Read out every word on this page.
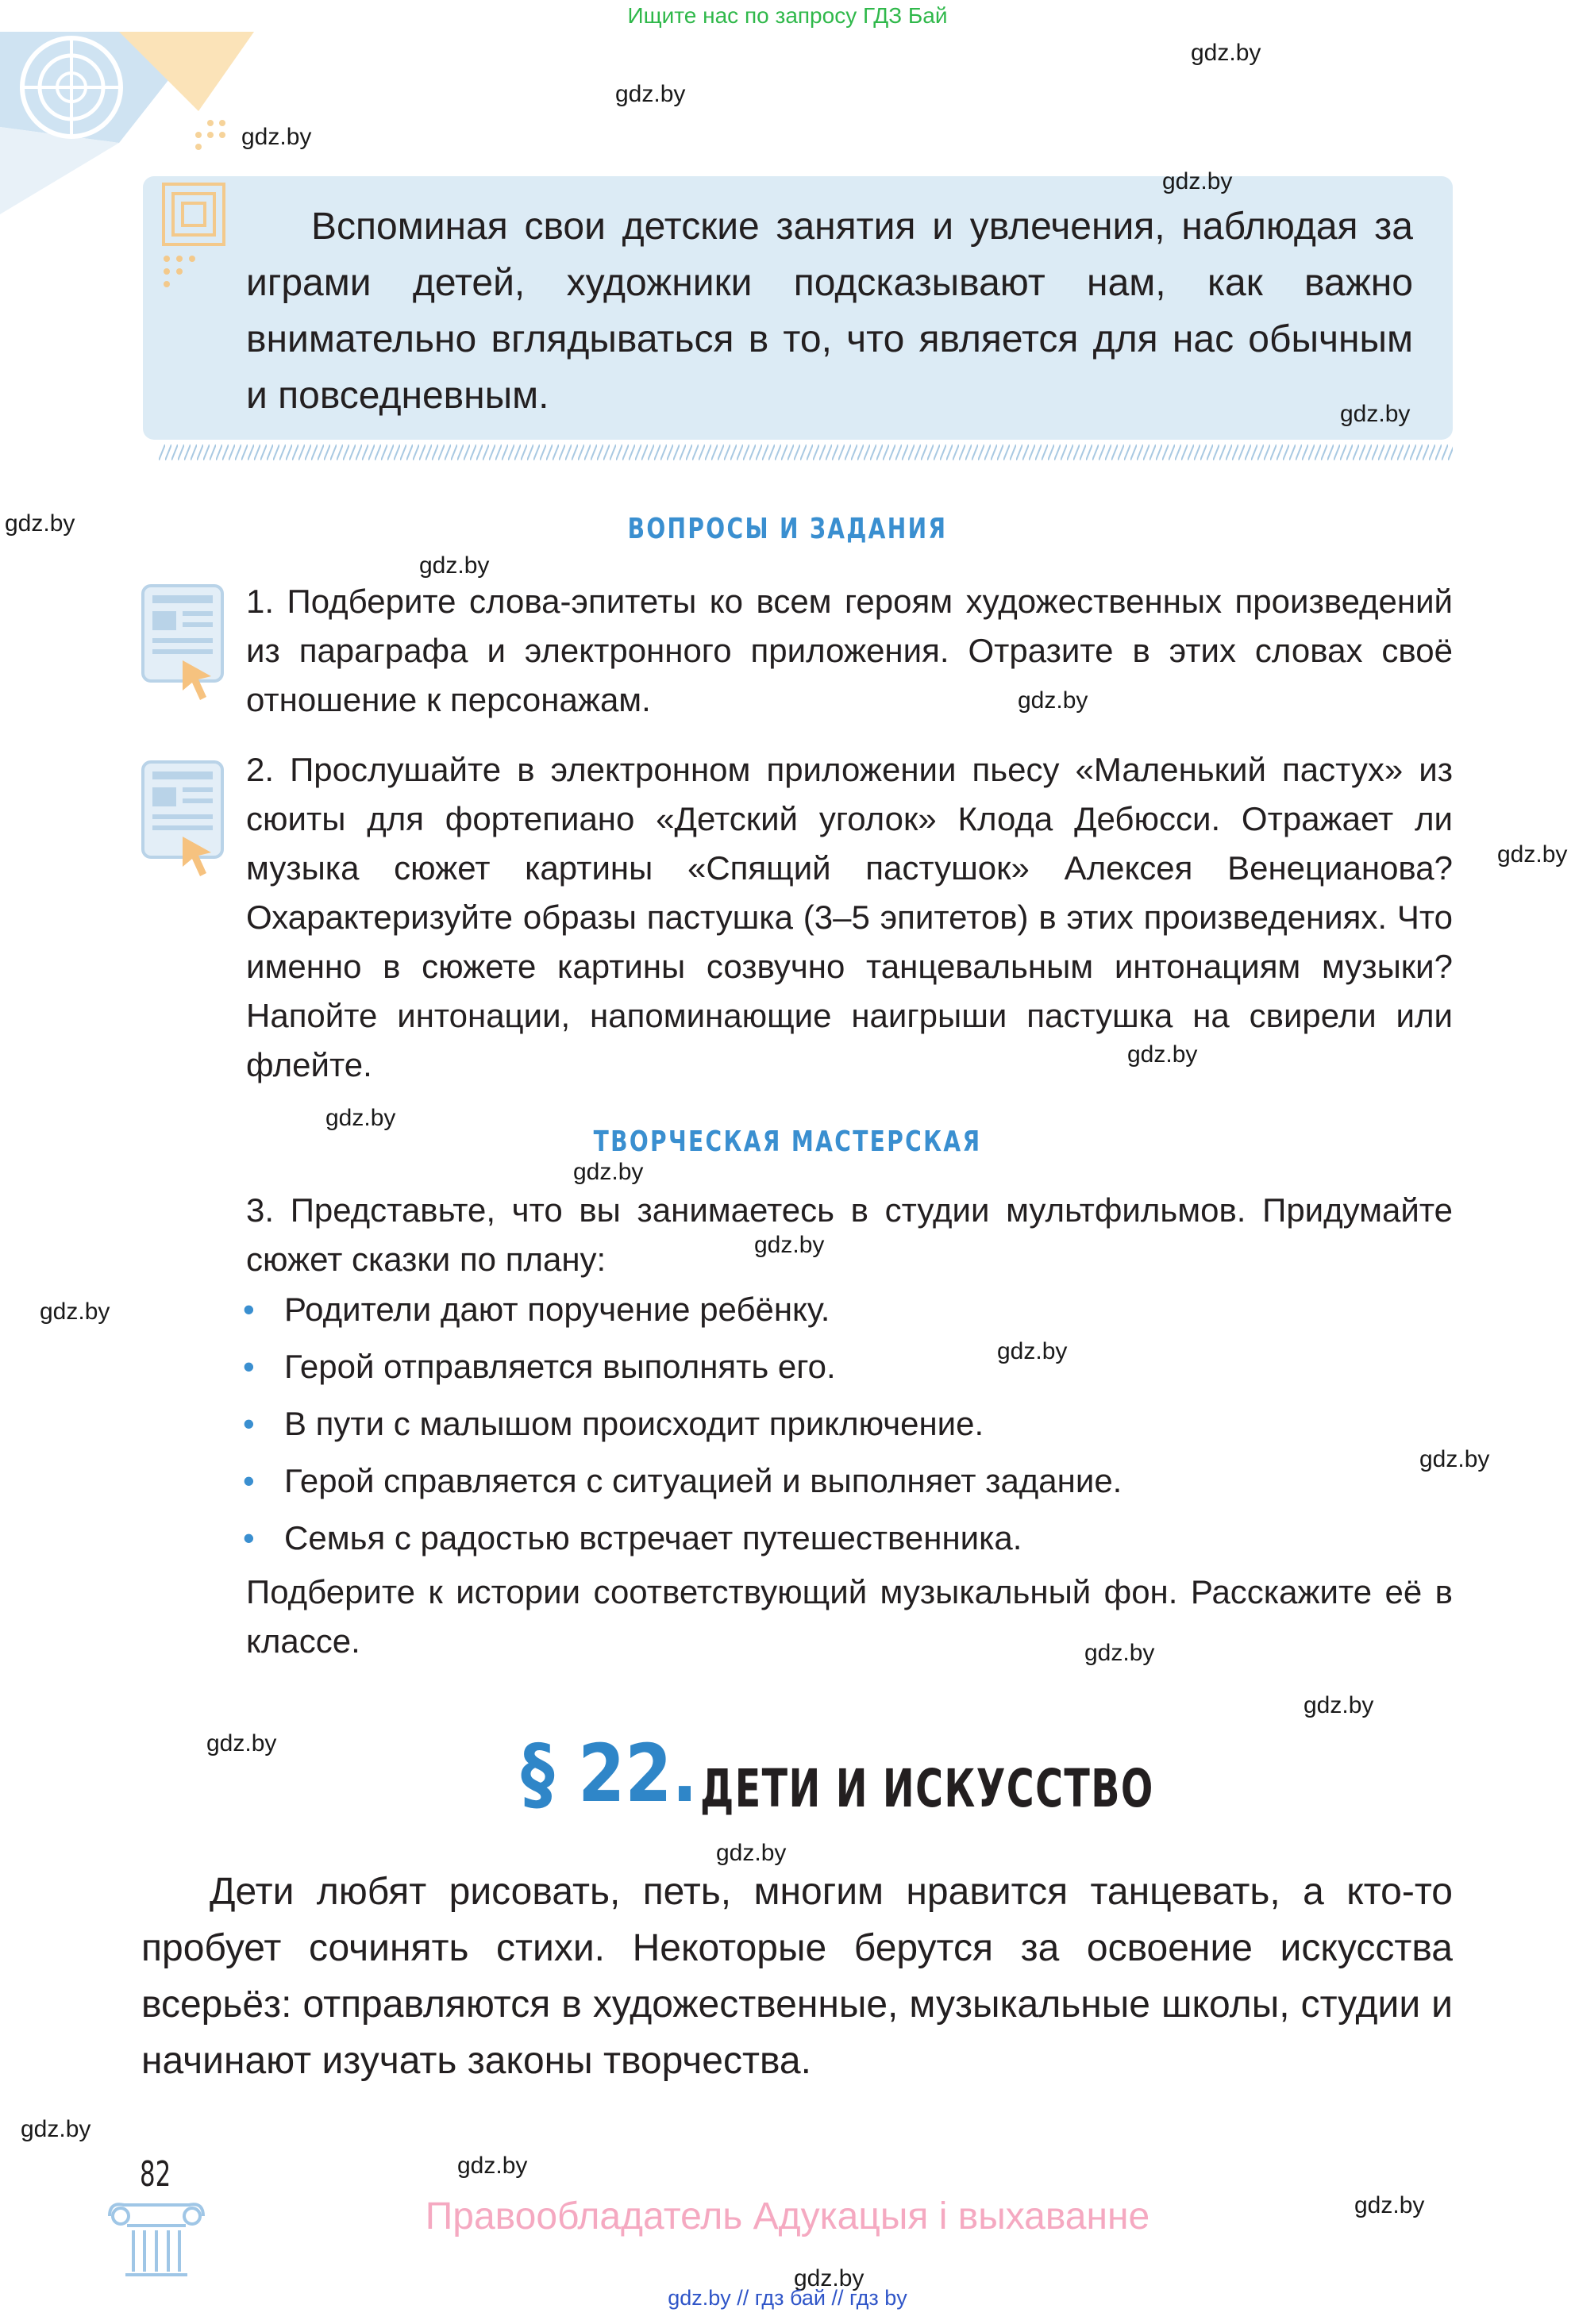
Ищите нас по запросу ГДЗ Бай
gdz.by
gdz.by
gdz.by
gdz.by
Вспоминая свои детские занятия и увлечения, наблюдая за играми детей, художники подсказывают нам, как важно внимательно вглядываться в то, что является для нас обычным и повседневным.	gdz.by
gdz.by	ВОПРОСЫ И ЗАДАНИЯ
gdz.by
1. Подберите слова-эпитеты ко всем героям художественных произведений из параграфа и электронного приложения. Отразите в этих словах своё отношение к персонажам.	gdz.by
2. Прослушайте в электронном приложении пьесу «Маленький пастух» из сюиты для фортепиано «Детский уголок» Клода Дебюсси. Отражает ли музыка сюжет картины «Спящий пастушок» Алексея Венецианова? Охарактеризуйте образы пастушка (3–5 эпитетов) в этих произведениях. Что именно в сюжете картины созвучно танцевальным интонациям музыки? Напойте интонации, напоминающие наигрыши пастушка на свирели или флейте.
gdz.by
gdz.by
gdz.by
ТВОРЧЕСКАЯ МАСТЕРСКАЯ
gdz.by
3. Представьте, что вы занимаетесь в студии мультфильмов. Придумайте сюжет сказки по плану:	gdz.by
gdz.by	• Родители дают поручение ребёнку.
• Герой отправляется выполнять его.
• В пути с малышом происходит приключение.
• Герой справляется с ситуацией и выполняет задание.
• Семья с радостью встречает путешественника.
gdz.by
gdz.by
Подберите к истории соответствующий музыкальный фон. Расскажите её в классе.	gdz.by
gdz.by
gdz.by	§ 22. ДЕТИ И ИСКУССТВО
gdz.by
Дети любят рисовать, петь, многим нравится танцевать, а кто-то пробует сочинять стихи. Некоторые берутся за освоение искусства всерьёз: отправляются в художественные, музыкальные школы, студии и начинают изучать законы творчества.
gdz.by
82	gdz.by
gdz.by
Правообладатель Адукацыя і выхаванне
gdz.by
gdz.by // гдз бай // гдз by
